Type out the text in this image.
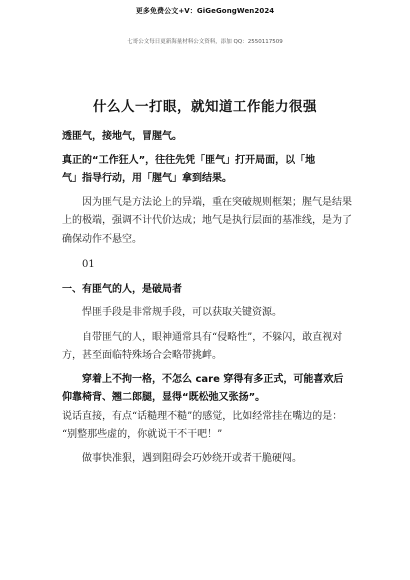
更多免费公文+V：GiGeGongWen2024
七哥公文每日更新海量材料公文资料，添加 QQ：2550117509
什么人一打眼，就知道工作能力很强

透匪气，接地气，冒腥气。

真正的“工作狂人”，往往先凭「匪气」打开局面，以「地

气」指导行动，用「腥气」拿到结果。

因为匪气是方法论上的异端，重在突破规则框架；腥气是结果上的极端，强调不计代价达成；地气是执行层面的基准线，是为了确保动作不悬空。

01

一、有匪气的人，是破局者

悍匪手段是非常规手段，可以获取关键资源。

自带匪气的人，眼神通常具有“侵略性”，不躲闪，敢直视对方，甚至面临特殊场合会略带挑衅。

穿着上不拘一格，不怎么 care 穿得有多正式，可能喜欢后

仰靠椅背、翘二郎腿，显得“既松弛又张扬”。

说话直接，有点“话糙理不糙”的感觉，比如经常挂在嘴边的是：

“别整那些虚的，你就说干不干吧！”

做事快准狠，遇到阻碍会巧妙绕开或者干脆硬闯。
